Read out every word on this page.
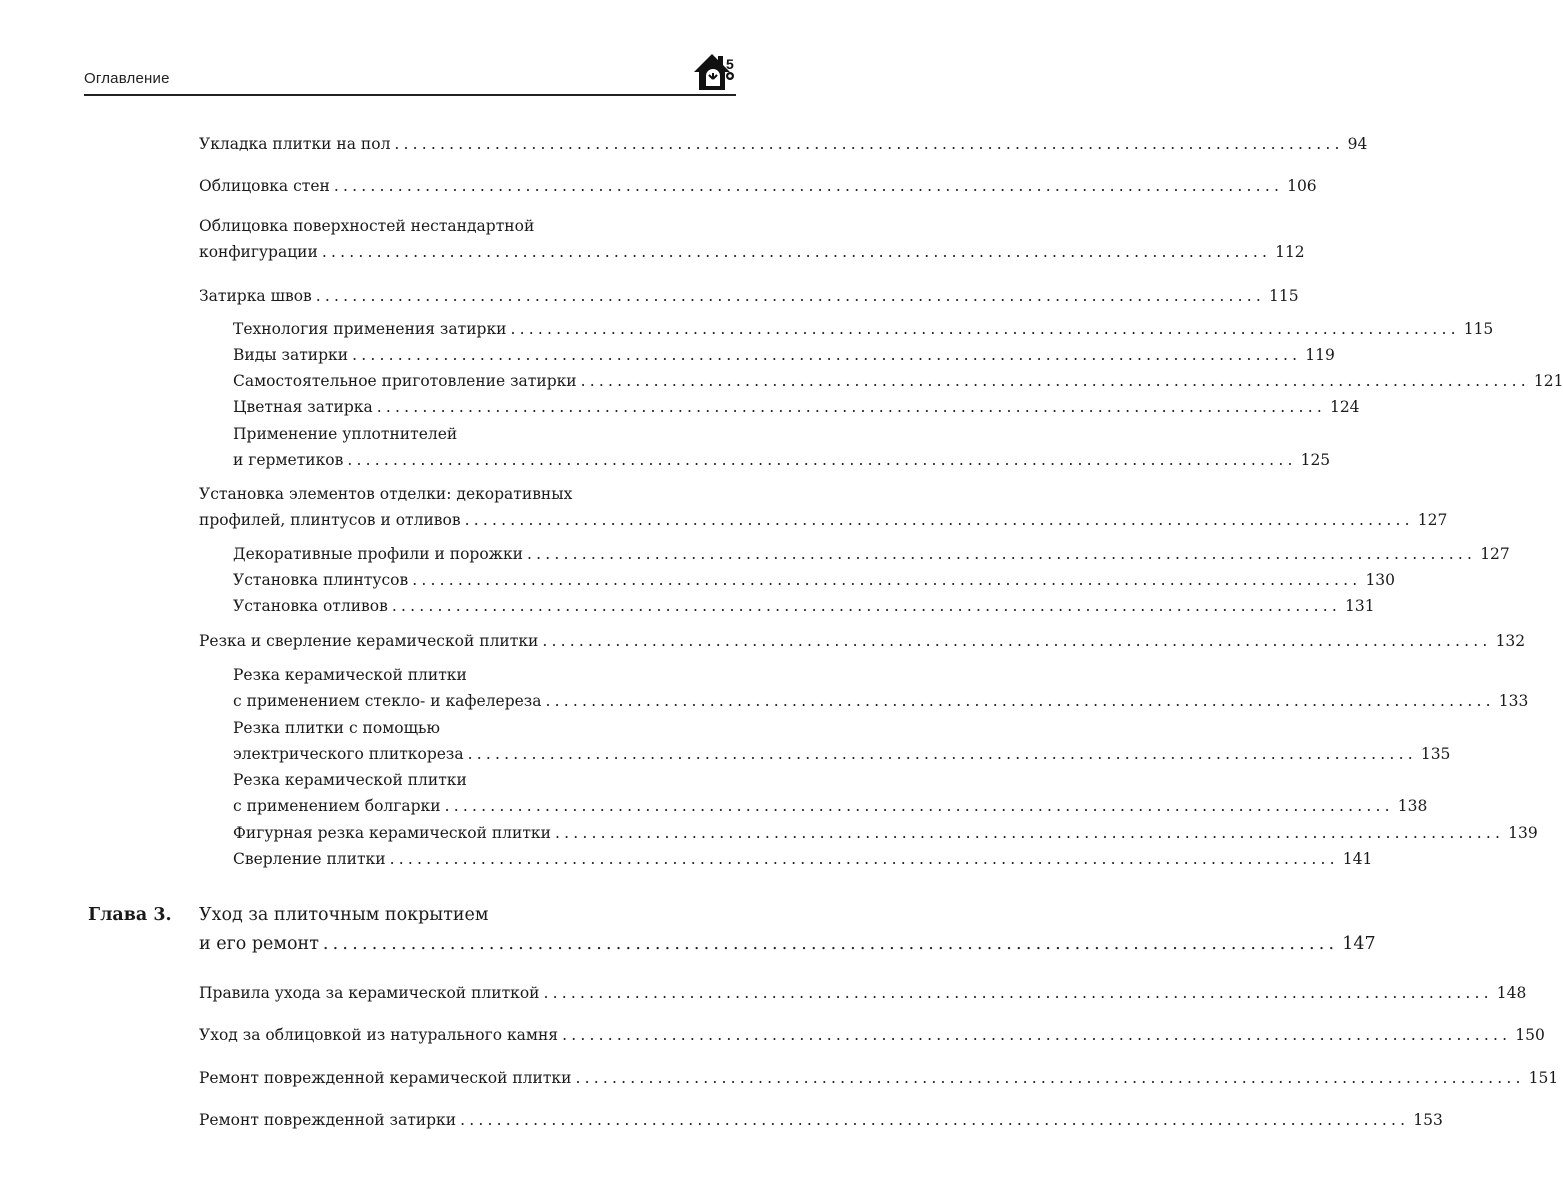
Оглавление
5
Укладка плитки на пол ........................................................................................................ 94
Облицовка стен ........................................................................................................ 106
Облицовка поверхностей нестандартной
конфигурации ........................................................................................................ 112
Затирка швов ........................................................................................................ 115
Технология применения затирки ........................................................................................................ 115
Виды затирки ........................................................................................................ 119
Самостоятельное приготовление затирки ........................................................................................................ 121
Цветная затирка ........................................................................................................ 124
Применение уплотнителей
и герметиков ........................................................................................................ 125
Установка элементов отделки: декоративных
профилей, плинтусов и отливов ........................................................................................................ 127
Декоративные профили и порожки ........................................................................................................ 127
Установка плинтусов ........................................................................................................ 130
Установка отливов ........................................................................................................ 131
Резка и сверление керамической плитки ........................................................................................................ 132
Резка керамической плитки
с применением стекло- и кафелереза ........................................................................................................ 133
Резка плитки с помощью
электрического плиткореза ........................................................................................................ 135
Резка керамической плитки
с применением болгарки ........................................................................................................ 138
Фигурная резка керамической плитки ........................................................................................................ 139
Сверление плитки ........................................................................................................ 141
Глава 3. Уход за плиточным покрытием
и его ремонт ........................................................................................................ 147
Правила ухода за керамической плиткой ........................................................................................................ 148
Уход за облицовкой из натурального камня ........................................................................................................ 150
Ремонт поврежденной керамической плитки ........................................................................................................ 151
Ремонт поврежденной затирки ........................................................................................................ 153
